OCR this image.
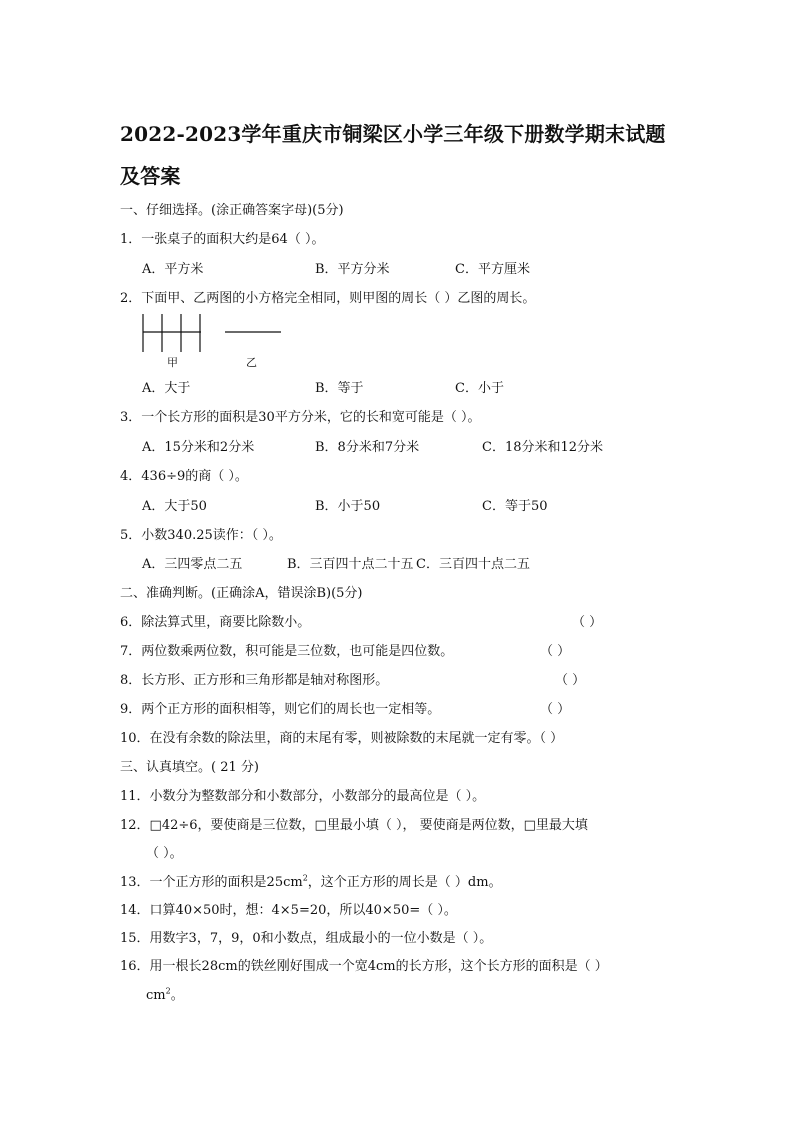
2022-2023学年重庆市铜梁区小学三年级下册数学期末试题
及答案
一、仔细选择。(涂正确答案字母)(5分)
1．一张桌子的面积大约是64（ ）。
A．平方米	B．平方分米	C．平方厘米
2．下面甲、乙两图的小方格完全相同，则甲图的周长（ ）乙图的周长。
甲	乙
A．大于	B．等于	C．小于
3．一个长方形的面积是30平方分米，它的长和宽可能是（ ）。
A．15分米和2分米	B．8分米和7分米	C．18分米和12分米
4．436÷9的商（ ）。
A．大于50	B．小于50	C．等于50
5．小数340.25读作：（ ）。
A．三四零点二五	B．三百四十点二十五 C．三百四十点二五
二、准确判断。(正确涂A，错误涂B)(5分)
6．除法算式里，商要比除数小。	（ ）
7．两位数乘两位数，积可能是三位数，也可能是四位数。	（ ）
8．长方形、正方形和三角形都是轴对称图形。	（ ）
9．两个正方形的面积相等，则它们的周长也一定相等。	（ ）
10．在没有余数的除法里，商的末尾有零，则被除数的末尾就一定有零。（ ）
三、认真填空。( 21 分)
11．小数分为整数部分和小数部分，小数部分的最高位是（ ）。
12．□42÷6，要使商是三位数，□里最小填（ ）， 要使商是两位数，□里最大填
（ ）。
13．一个正方形的面积是$25cm^2$，这个正方形的周长是（ ）dm。
14．口算40×50时，想：4×5=20，所以40×50=（ ）。
15．用数字3，7，9，0和小数点，组成最小的一位小数是（ ）。
16．用一根长28cm的铁丝刚好围成一个宽4cm的长方形，这个长方形的面积是（ ）
$cm^2$。
